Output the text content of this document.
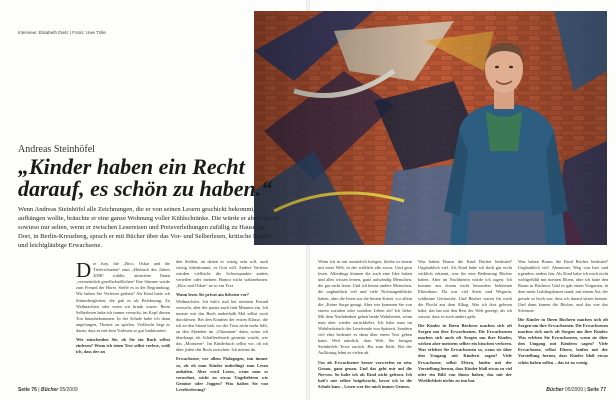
Interview: Elisabeth Dietz | Fotos: Uwe Tölle
Andreas Steinhöfel
„Kinder haben ein Recht darauf, es schön zu haben.“

Wenn Andreas Steinhöfel alle Zeichnungen, die er von seinen Lesern geschickt bekommt, aufhängen wollte, bräuchte er eine ganze Wohnung voller Kühlschränke. Die würde er aber zurzeit sowieso nur selten, wenn er zwischen Lesereisen und Preisverleihungen zufällig zu Hause ist. Dort, in Berlin-Kreuzberg, sprach er mit Bücher über das Vor- und Selberlesen, kritische Kinder und leichtgläubige Erwachsene.

D ie Jury, die „Rico, Oskar und die Tieferschatten“ zum „Hörbuch des Jahres 2008“ wählte, attestierte Ihnen „vermeintlich gesellschaftlichen“ Ihre Stimme werde zum Freund der Hörer. Steffe es in der Begründung. Wir haben Sie Verlesen gelernt? Als Kind hatte ich Stimmbergleiten, die gab es als Belohnung. Zu Weihnachten oder wenn wir krank waren. Beim Selberlesen habe ich immer versucht, im Kopf diesen Ton hinzubekommen. In der Schule habe ich dann angefangen, Theater zu spielen. Vielleicht liegt es daran, dass es mit dem Vorlesen so gut funktioniert.
Wie entscheiden Sie, ob Sie ein Buch selbst einlesen? Wenn ich einen Text selbst vorlese, weiß ich, dass der an
den Stellen, an denen er witzig sein soll, auch witzig rüberkommt, es Gott will. Andere Vorleser würden vielleicht die Schwerpunkte anders verteilen oder meinen Humor nicht wahrnehmen. „Rico und Oskar“ ist so ein Text.
Wann lesen Sie privat am liebsten vor?
Weihnachten. Ich hab’s mal bei meinem Freund versucht, aber der passte nach fünf Minuten ein. Ich musste mir das Buch anderthalb Mal selbst noch durchlesen. Bei den Kindern der ersten Klasse, die ich an den Sitzen hab, wo der Trost nicht mehr hilft, an den Abenden im „Ottomann“ dann, wenn ich überhaupt als Schulleseburch gemeint wurde, wie das „Monstern“. Im Kinderbuch selbst vor, ob ich über jeden das Buch zwischen. Ich meinst du.
Erwachsene, vor allem Pädagogen, tun immer so, als ob man Kinder unbedingt zum Lesen anhalten. Aber wird Lesen, wenn man es verordnet, nicht zu etwas Ungeliebtem wie Gemüse oder Joggen? Was halten Sie von Leseförderung?
Wenn ich in mir zusätzlich kriegen, bleibe in einem mit einer Welt, in der wirklich alle etwas. Und gern lesen. Allerdings können die auch eine Idee haben und alles wissen lernen, ganz aufwändig Menschen, die gar nicht lesen. Und ich kenne andere Menschen, die unglaublich viel und viele Nichtaugenblicke haben, aber die lesen nur die besten Krimi, vor allem die „Keine Sorge gesagt. Aber wie kommen Sie von einem sozialen oder sozialen Leben ab? Ich liebe. Mit dem Nachdenken gehen beide Wahrheiten, wenn man aber wieder zurückkehrt. Ich habe man im Wahrheitstrach der Lesefreude von Spätzeit. Sondern viel eher bedeutet es dann über einen Text gehen kann. Weil nämlich, dass Welt. Sie bringen Steinhöfels Texte zurück. Bis zum Ende. Bei der Auflösung lehnt es vielen ab.
Um als Erwachsener besser vorwerfen zu sein. Genau, ganz genau. Und das geht mir auf die Nerven. So halte ich als Kind nicht gelesen. Ich hab’s mir selber beigebracht, bevor ich in die Schule kam – Lesen war für mich immer Genuss.
Was haben Bonus die Kind Bücher bedeutet? Unglaublich viel. Als Kind habe ich doch gar nicht wirklich erkannt, was für eine Bedeutung Bücher haben. Aber im Nachhinein würde ich sagen: Ich komme aus einem nicht besonders behüteten Elternhaus. Da war viel Streit und Wegsein, schlimme Geräusche. Und Bücher waren für mich die Flucht aus dem Alltag. Was ich dort gelesen habe, das hat mir den Rest der Welt gezeigt, als ich wusste, dass es auch anders geht.
Die Kinder in Ihren Büchern machen sich oft Sorgen um ihre Erwachsenen. Die Erwachsenen machen sich auch oft Sorgen um ihre Kinder, wirken aber meistens selber ein bisschen verloren. Was erleben Sie Erwachsenen so, wenn sie über den Umgang mit Kindern sagen? Viele Erwachsene, selbst Eltern, laufen mit der Vorstellung herum, dass Kinder bloß etwas zu viel oder ein Bild von ihnen haben, das mit der Wirklichkeit nichts zu tun hat.
Was haben Bonus die Kind Bücher bedeutet? Unglaublich viel. Abenteuer. Weg von hier und irgendwo anders hin. Als Kind habe ich mich nicht wohlgefühlt mit meinen Eltern, aber ich hatte den Raum in Büchern. Und es gab einen Vorgarten, in dem mein Lieblingsbaum stand, mit einem Ast, der gerade so hoch war, dass ich darauf sitzen konnte. Und dann kamen die Bücher, und das war das Schönste.
Die Kinder in Ihren Büchern machen sich oft Sorgen um ihre Erwachsenen. Die Erwachsenen machen sich auch oft Sorgen um ihre Kinder. Was erleben Sie Erwachsenen, wenn sie über den Umgang mit Kindern sagen? Viele Erwachsene, selbst Eltern, laufen mit der Vorstellung herum, dass Kinder bloß etwas schön haben sollen – das ist zu wenig.
Seite 76 | Bücher 05/2009	Bücher 05/2009 | Seite 77
